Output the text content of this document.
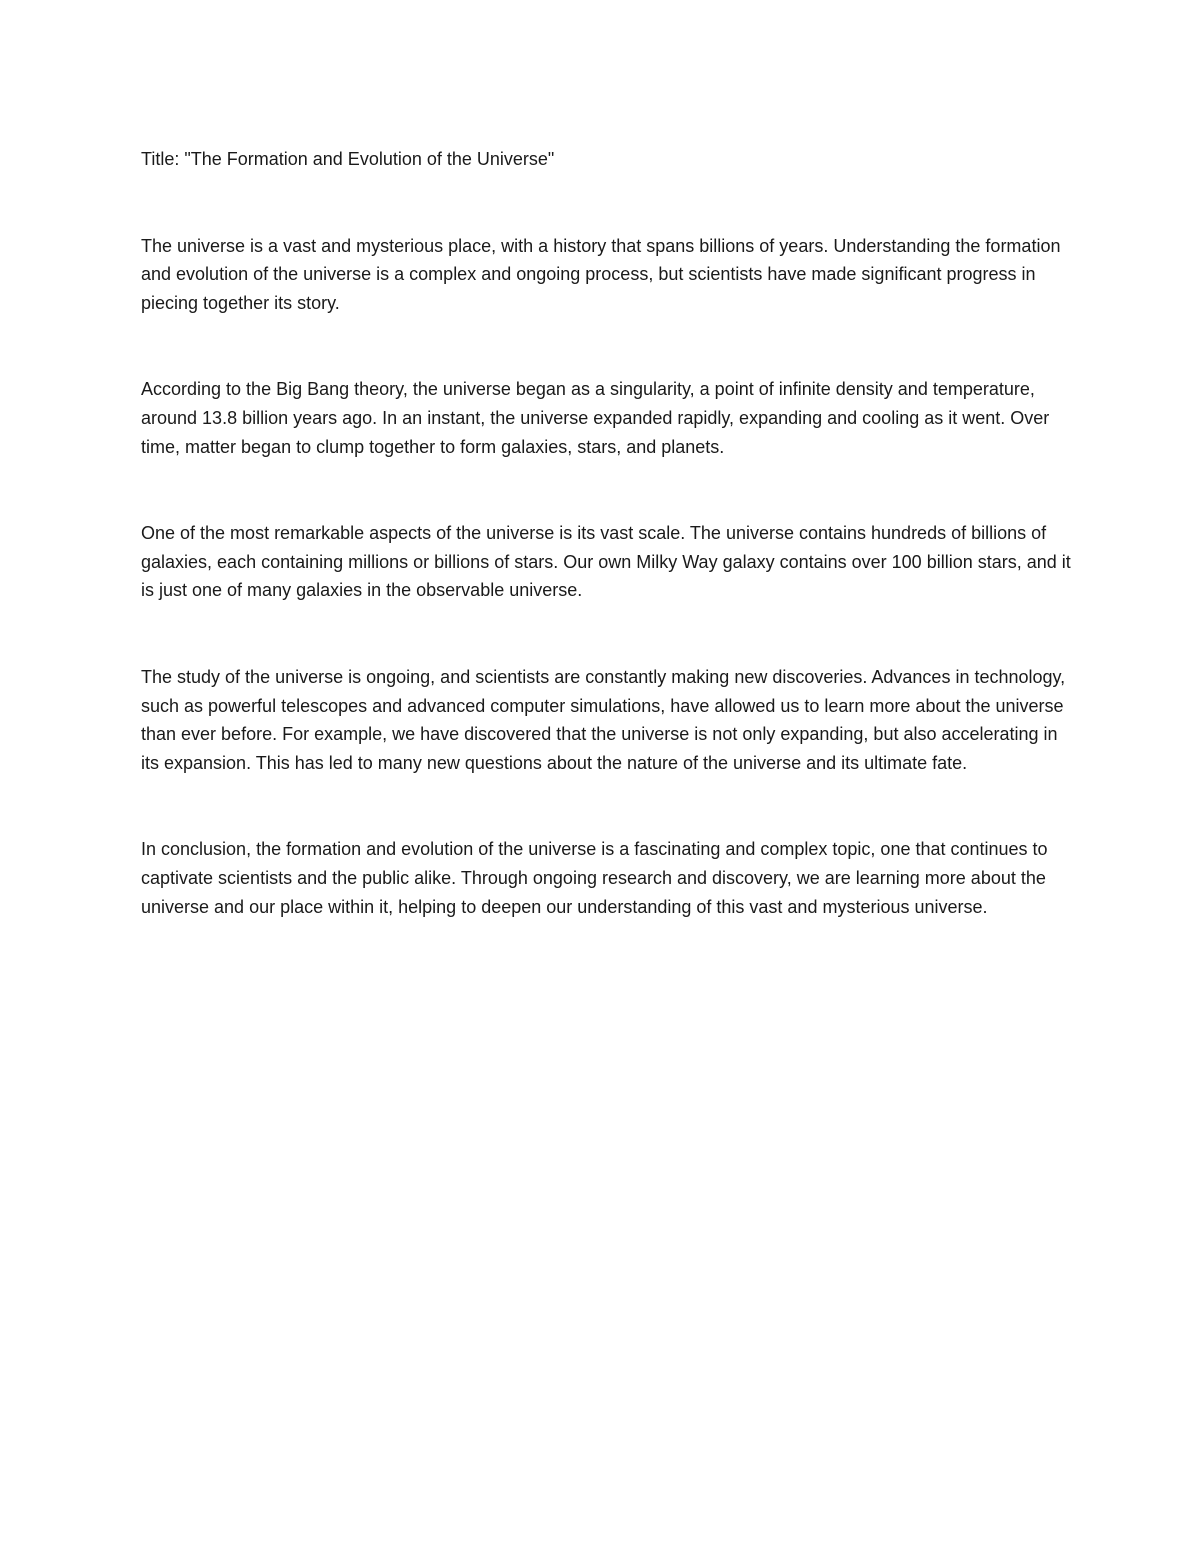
Title: "The Formation and Evolution of the Universe"

The universe is a vast and mysterious place, with a history that spans billions of years. Understanding the formation and evolution of the universe is a complex and ongoing process, but scientists have made significant progress in piecing together its story.

According to the Big Bang theory, the universe began as a singularity, a point of infinite density and temperature, around 13.8 billion years ago. In an instant, the universe expanded rapidly, expanding and cooling as it went. Over time, matter began to clump together to form galaxies, stars, and planets.

One of the most remarkable aspects of the universe is its vast scale. The universe contains hundreds of billions of galaxies, each containing millions or billions of stars. Our own Milky Way galaxy contains over 100 billion stars, and it is just one of many galaxies in the observable universe.

The study of the universe is ongoing, and scientists are constantly making new discoveries. Advances in technology, such as powerful telescopes and advanced computer simulations, have allowed us to learn more about the universe than ever before. For example, we have discovered that the universe is not only expanding, but also accelerating in its expansion. This has led to many new questions about the nature of the universe and its ultimate fate.

In conclusion, the formation and evolution of the universe is a fascinating and complex topic, one that continues to captivate scientists and the public alike. Through ongoing research and discovery, we are learning more about the universe and our place within it, helping to deepen our understanding of this vast and mysterious universe.
